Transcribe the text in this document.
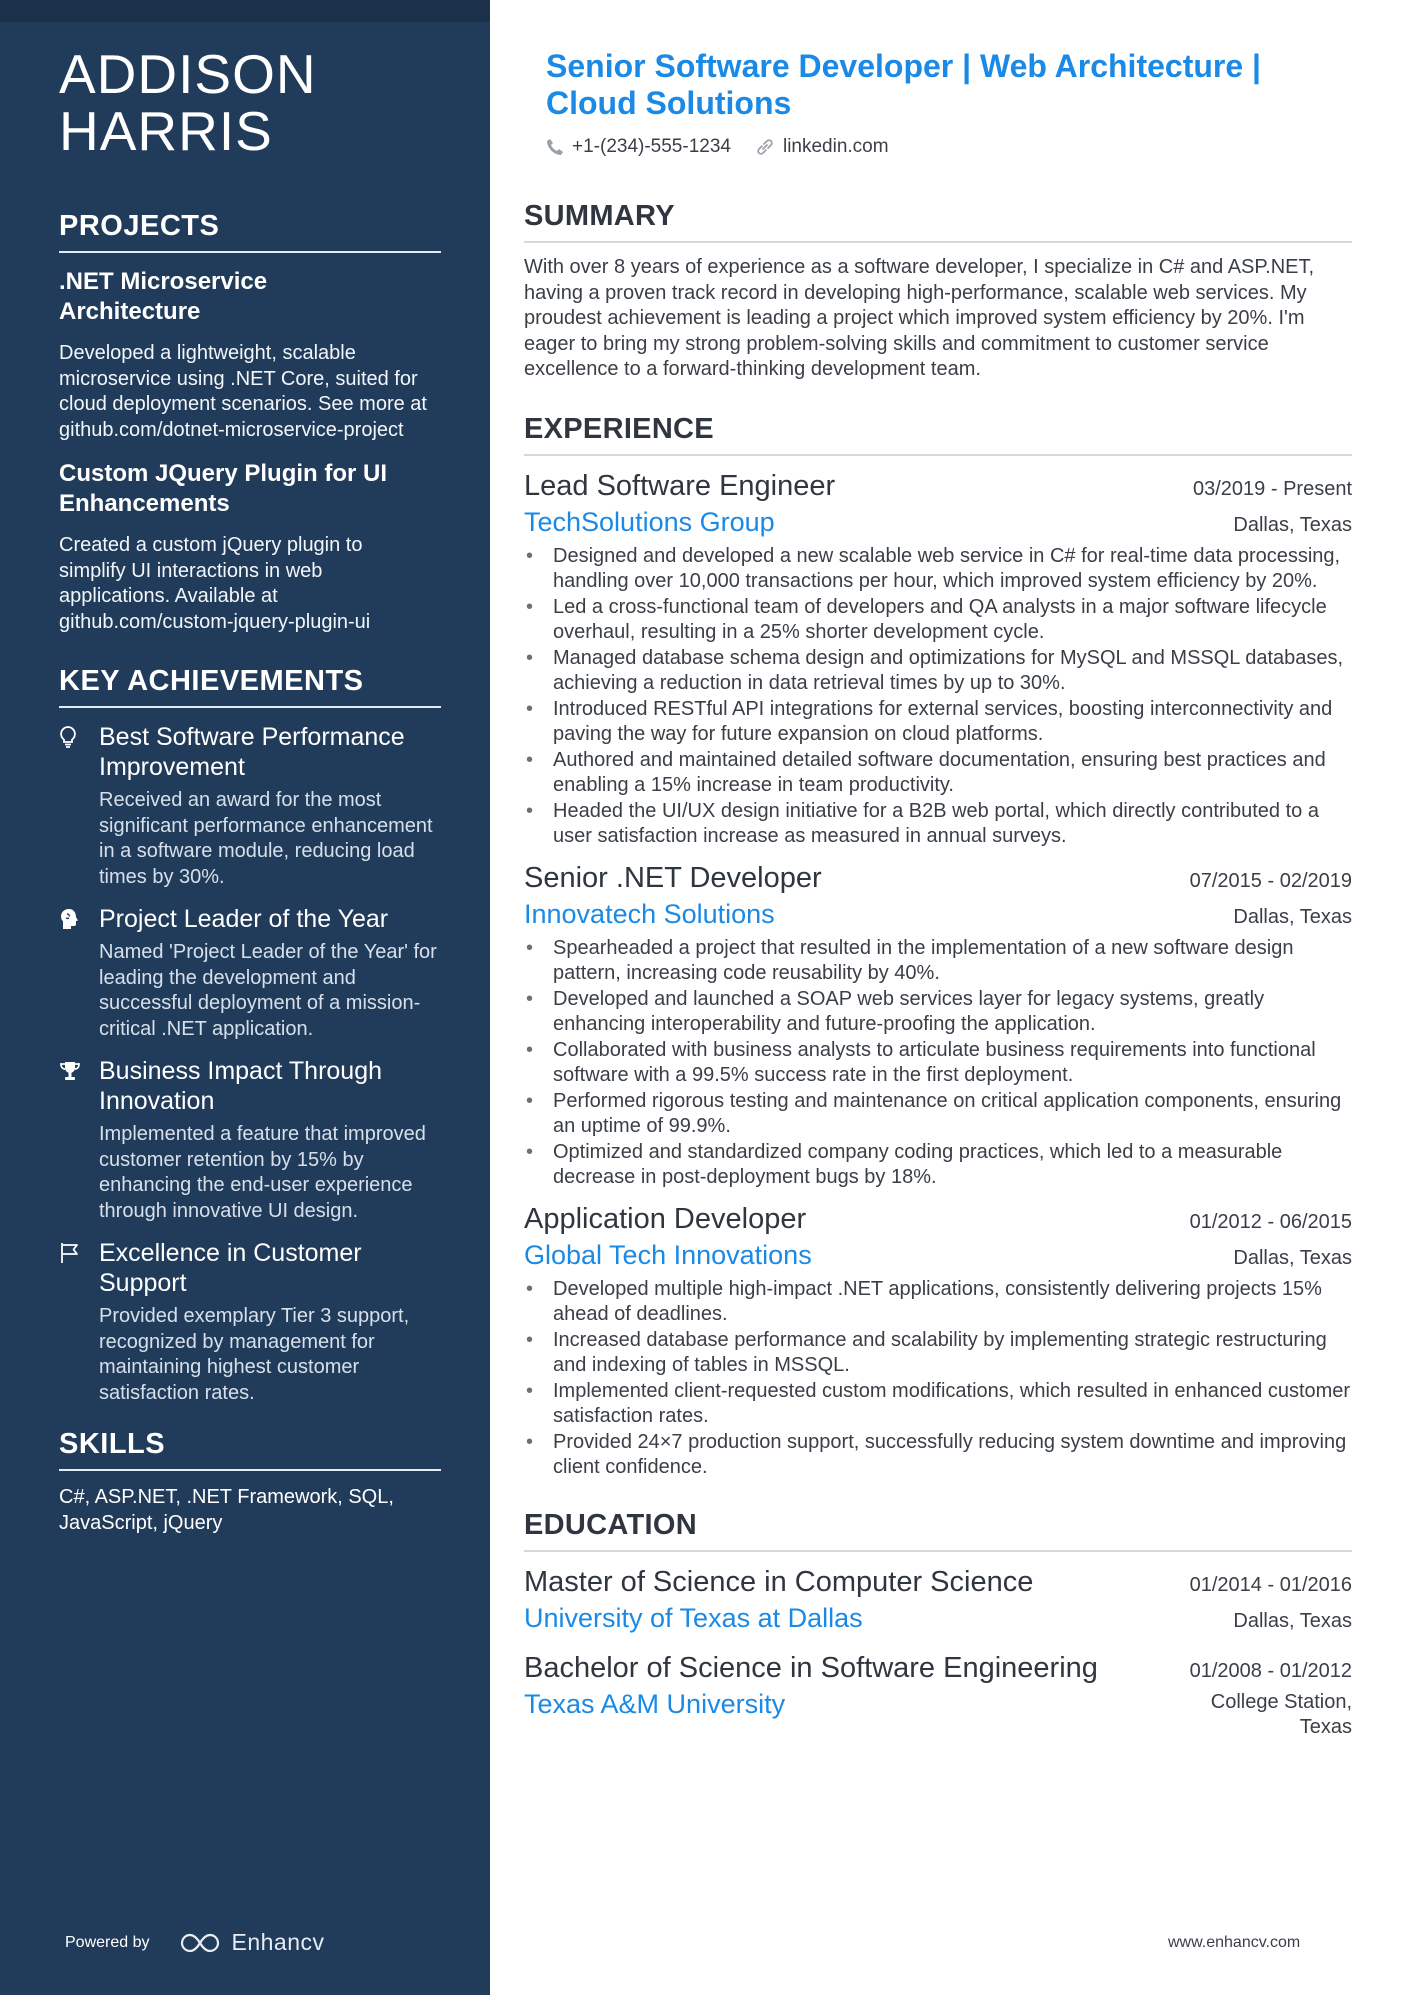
ADDISON HARRIS
PROJECTS
.NET Microservice Architecture

Developed a lightweight, scalable microservice using .NET Core, suited for cloud deployment scenarios. See more at github.com/dotnet-microservice-project

Custom JQuery Plugin for UI Enhancements

Created a custom jQuery plugin to simplify UI interactions in web applications. Available at github.com/custom-jquery-plugin-ui

KEY ACHIEVEMENTS
Best Software Performance Improvement

Received an award for the most significant performance enhancement in a software module, reducing load times by 30%.

Project Leader of the Year

Named 'Project Leader of the Year' for leading the development and successful deployment of a mission-critical .NET application.

Business Impact Through Innovation

Implemented a feature that improved customer retention by 15% by enhancing the end-user experience through innovative UI design.

Excellence in Customer Support

Provided exemplary Tier 3 support, recognized by management for maintaining highest customer satisfaction rates.

SKILLS

C#, ASP.NET, .NET Framework, SQL, JavaScript, jQuery

Powered by	Enhancv
Senior Software Developer | Web Architecture | Cloud Solutions
+1-(234)-555-1234	linkedin.com
SUMMARY

With over 8 years of experience as a software developer, I specialize in C# and ASP.NET, having a proven track record in developing high-performance, scalable web services. My proudest achievement is leading a project which improved system efficiency by 20%. I'm eager to bring my strong problem-solving skills and commitment to customer service excellence to a forward-thinking development team.

EXPERIENCE
Lead Software Engineer	03/2019 - Present
TechSolutions Group	Dallas, Texas
• Designed and developed a new scalable web service in C# for real-time data processing, handling over 10,000 transactions per hour, which improved system efficiency by 20%.
• Led a cross-functional team of developers and QA analysts in a major software lifecycle overhaul, resulting in a 25% shorter development cycle.
• Managed database schema design and optimizations for MySQL and MSSQL databases, achieving a reduction in data retrieval times by up to 30%.
• Introduced RESTful API integrations for external services, boosting interconnectivity and paving the way for future expansion on cloud platforms.
• Authored and maintained detailed software documentation, ensuring best practices and enabling a 15% increase in team productivity.
• Headed the UI/UX design initiative for a B2B web portal, which directly contributed to a user satisfaction increase as measured in annual surveys.
Senior .NET Developer	07/2015 - 02/2019
Innovatech Solutions	Dallas, Texas
• Spearheaded a project that resulted in the implementation of a new software design pattern, increasing code reusability by 40%.
• Developed and launched a SOAP web services layer for legacy systems, greatly enhancing interoperability and future-proofing the application.
• Collaborated with business analysts to articulate business requirements into functional software with a 99.5% success rate in the first deployment.
• Performed rigorous testing and maintenance on critical application components, ensuring an uptime of 99.9%.
• Optimized and standardized company coding practices, which led to a measurable decrease in post-deployment bugs by 18%.
Application Developer	01/2012 - 06/2015
Global Tech Innovations	Dallas, Texas
• Developed multiple high-impact .NET applications, consistently delivering projects 15% ahead of deadlines.
• Increased database performance and scalability by implementing strategic restructuring and indexing of tables in MSSQL.
• Implemented client-requested custom modifications, which resulted in enhanced customer satisfaction rates.
• Provided 24×7 production support, successfully reducing system downtime and improving client confidence.
EDUCATION
Master of Science in Computer Science	01/2014 - 01/2016
University of Texas at Dallas	Dallas, Texas
Bachelor of Science in Software Engineering	01/2008 - 01/2012
Texas A&M University	College Station, Texas
www.enhancv.com
